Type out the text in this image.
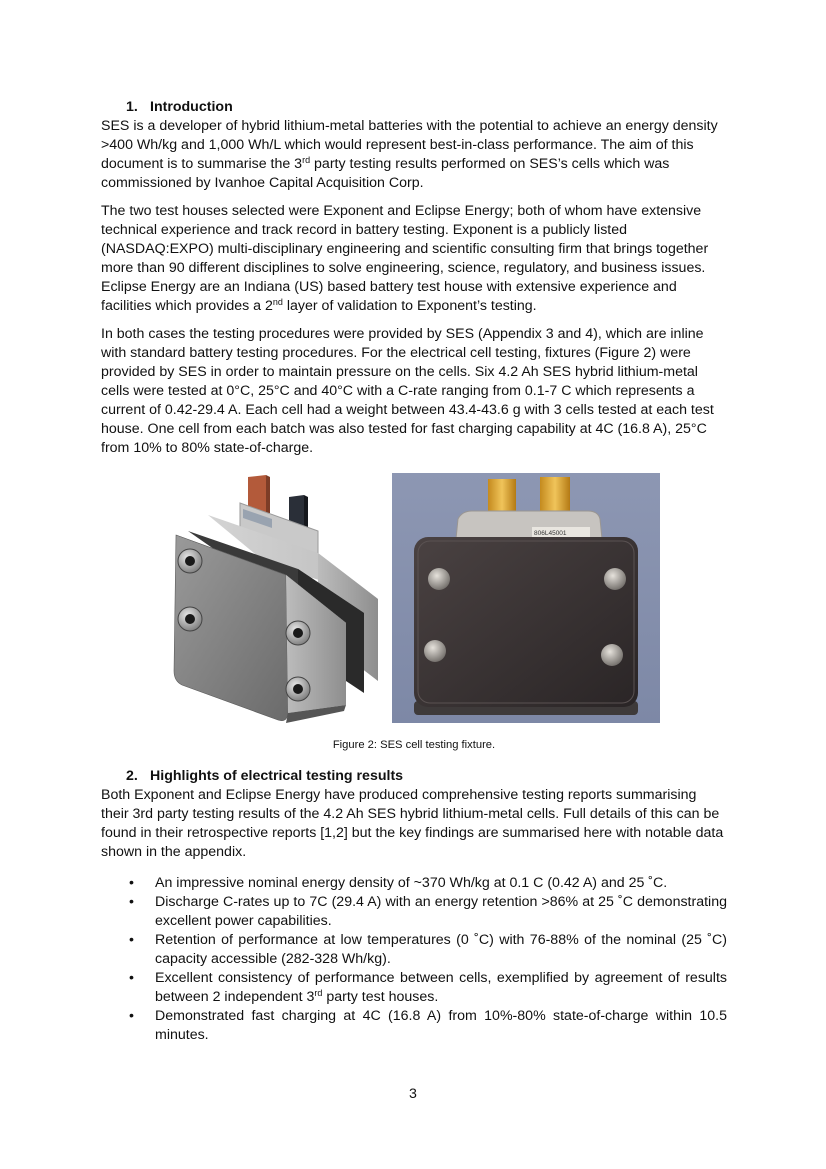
1. Introduction

SES is a developer of hybrid lithium-metal batteries with the potential to achieve an energy density >400 Wh/kg and 1,000 Wh/L which would represent best-in-class performance. The aim of this document is to summarise the 3rd party testing results performed on SES’s cells which was commissioned by Ivanhoe Capital Acquisition Corp.

The two test houses selected were Exponent and Eclipse Energy; both of whom have extensive technical experience and track record in battery testing. Exponent is a publicly listed (NASDAQ:EXPO) multi-disciplinary engineering and scientific consulting firm that brings together more than 90 different disciplines to solve engineering, science, regulatory, and business issues. Eclipse Energy are an Indiana (US) based battery test house with extensive experience and facilities which provides a 2nd layer of validation to Exponent’s testing.

In both cases the testing procedures were provided by SES (Appendix 3 and 4), which are inline with standard battery testing procedures. For the electrical cell testing, fixtures (Figure 2) were provided by SES in order to maintain pressure on the cells. Six 4.2 Ah SES hybrid lithium-metal cells were tested at 0°C, 25°C and 40°C with a C-rate ranging from 0.1-7 C which represents a current of 0.42-29.4 A. Each cell had a weight between 43.4-43.6 g with 3 cells tested at each test house. One cell from each batch was also tested for fast charging capability at 4C (16.8 A), 25°C from 10% to 80% state-of-charge.

806L45001
Figure 2: SES cell testing fixture.
2. Highlights of electrical testing results

Both Exponent and Eclipse Energy have produced comprehensive testing reports summarising their 3rd party testing results of the 4.2 Ah SES hybrid lithium-metal cells. Full details of this can be found in their retrospective reports [1,2] but the key findings are summarised here with notable data shown in the appendix.

• An impressive nominal energy density of ~370 Wh/kg at 0.1 C (0.42 A) and 25 ˚C.
• Discharge C-rates up to 7C (29.4 A) with an energy retention >86% at 25 ˚C demonstrating excellent power capabilities.
• Retention of performance at low temperatures (0 ˚C) with 76-88% of the nominal (25 ˚C) capacity accessible (282-328 Wh/kg).
• Excellent consistency of performance between cells, exemplified by agreement of results between 2 independent 3rd party test houses.
• Demonstrated fast charging at 4C (16.8 A) from 10%-80% state-of-charge within 10.5 minutes.
3
